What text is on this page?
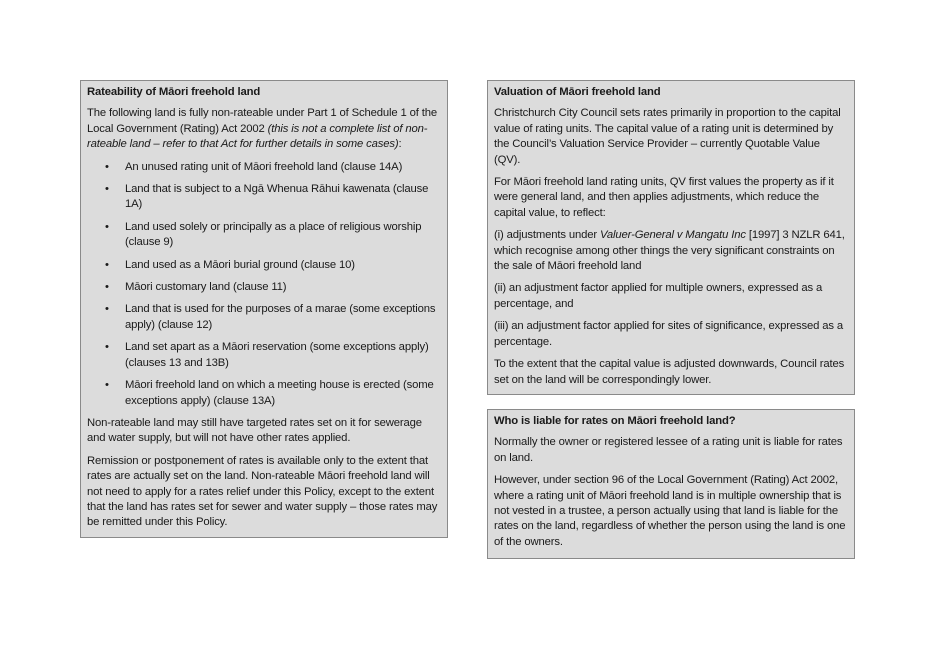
Rateability of Māori freehold land

The following land is fully non-rateable under Part 1 of Schedule 1 of the Local Government (Rating) Act 2002 (this is not a complete list of non-rateable land – refer to that Act for further details in some cases):

• An unused rating unit of Māori freehold land (clause 14A)
• Land that is subject to a Ngā Whenua Rāhui kawenata (clause 1A)
• Land used solely or principally as a place of religious worship (clause 9)
• Land used as a Māori burial ground (clause 10)
• Māori customary land (clause 11)
• Land that is used for the purposes of a marae (some exceptions apply) (clause 12)
• Land set apart as a Māori reservation (some exceptions apply) (clauses 13 and 13B)
• Māori freehold land on which a meeting house is erected (some exceptions apply) (clause 13A)

Non-rateable land may still have targeted rates set on it for sewerage and water supply, but will not have other rates applied.

Remission or postponement of rates is available only to the extent that rates are actually set on the land. Non-rateable Māori freehold land will not need to apply for a rates relief under this Policy, except to the extent that the land has rates set for sewer and water supply – those rates may be remitted under this Policy.

Valuation of Māori freehold land

Christchurch City Council sets rates primarily in proportion to the capital value of rating units. The capital value of a rating unit is determined by the Council’s Valuation Service Provider – currently Quotable Value (QV).

For Māori freehold land rating units, QV first values the property as if it were general land, and then applies adjustments, which reduce the capital value, to reflect:

(i) adjustments under Valuer-General v Mangatu Inc [1997] 3 NZLR 641, which recognise among other things the very significant constraints on the sale of Māori freehold land

(ii) an adjustment factor applied for multiple owners, expressed as a percentage, and

(iii) an adjustment factor applied for sites of significance, expressed as a percentage.

To the extent that the capital value is adjusted downwards, Council rates set on the land will be correspondingly lower.

Who is liable for rates on Māori freehold land?

Normally the owner or registered lessee of a rating unit is liable for rates on land.

However, under section 96 of the Local Government (Rating) Act 2002, where a rating unit of Māori freehold land is in multiple ownership that is not vested in a trustee, a person actually using that land is liable for the rates on the land, regardless of whether the person using the land is one of the owners.
